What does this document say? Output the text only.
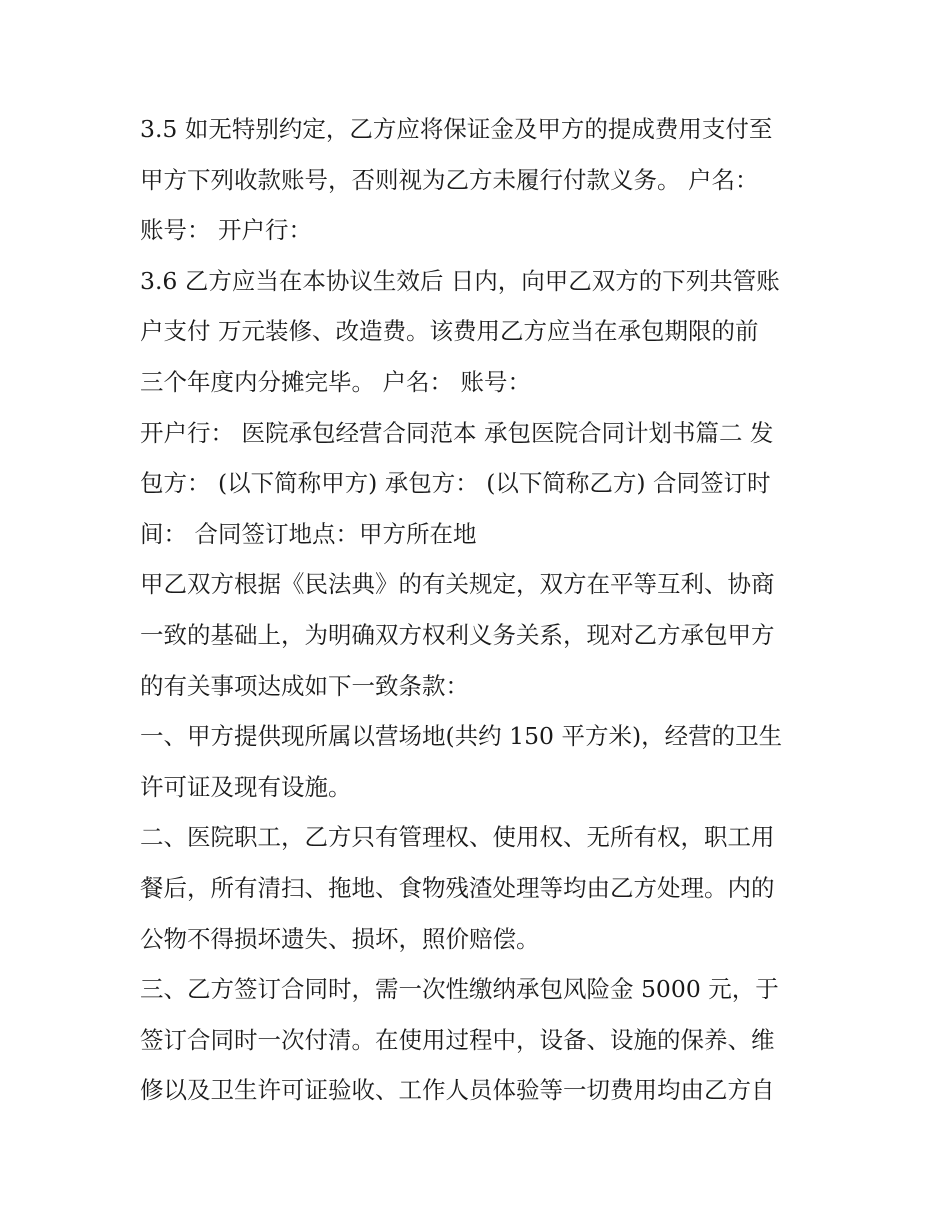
3.5 如无特别约定，乙方应将保证金及甲方的提成费用支付至
甲方下列收款账号，否则视为乙方未履行付款义务。 户名：
账号： 开户行：
3.6 乙方应当在本协议生效后 日内，向甲乙双方的下列共管账
户支付 万元装修、改造费。该费用乙方应当在承包期限的前
三个年度内分摊完毕。 户名： 账号：
开户行： 医院承包经营合同范本 承包医院合同计划书篇二 发
包方： (以下简称甲方) 承包方： (以下简称乙方) 合同签订时
间： 合同签订地点：甲方所在地
甲乙双方根据《民法典》的有关规定，双方在平等互利、协商
一致的基础上，为明确双方权利义务关系，现对乙方承包甲方
的有关事项达成如下一致条款：
一、甲方提供现所属以营场地(共约 150 平方米)，经营的卫生
许可证及现有设施。
二、医院职工，乙方只有管理权、使用权、无所有权，职工用
餐后，所有清扫、拖地、食物残渣处理等均由乙方处理。内的
公物不得损坏遗失、损坏，照价赔偿。
三、乙方签订合同时，需一次性缴纳承包风险金 5000 元，于
签订合同时一次付清。在使用过程中，设备、设施的保养、维
修以及卫生许可证验收、工作人员体验等一切费用均由乙方自
